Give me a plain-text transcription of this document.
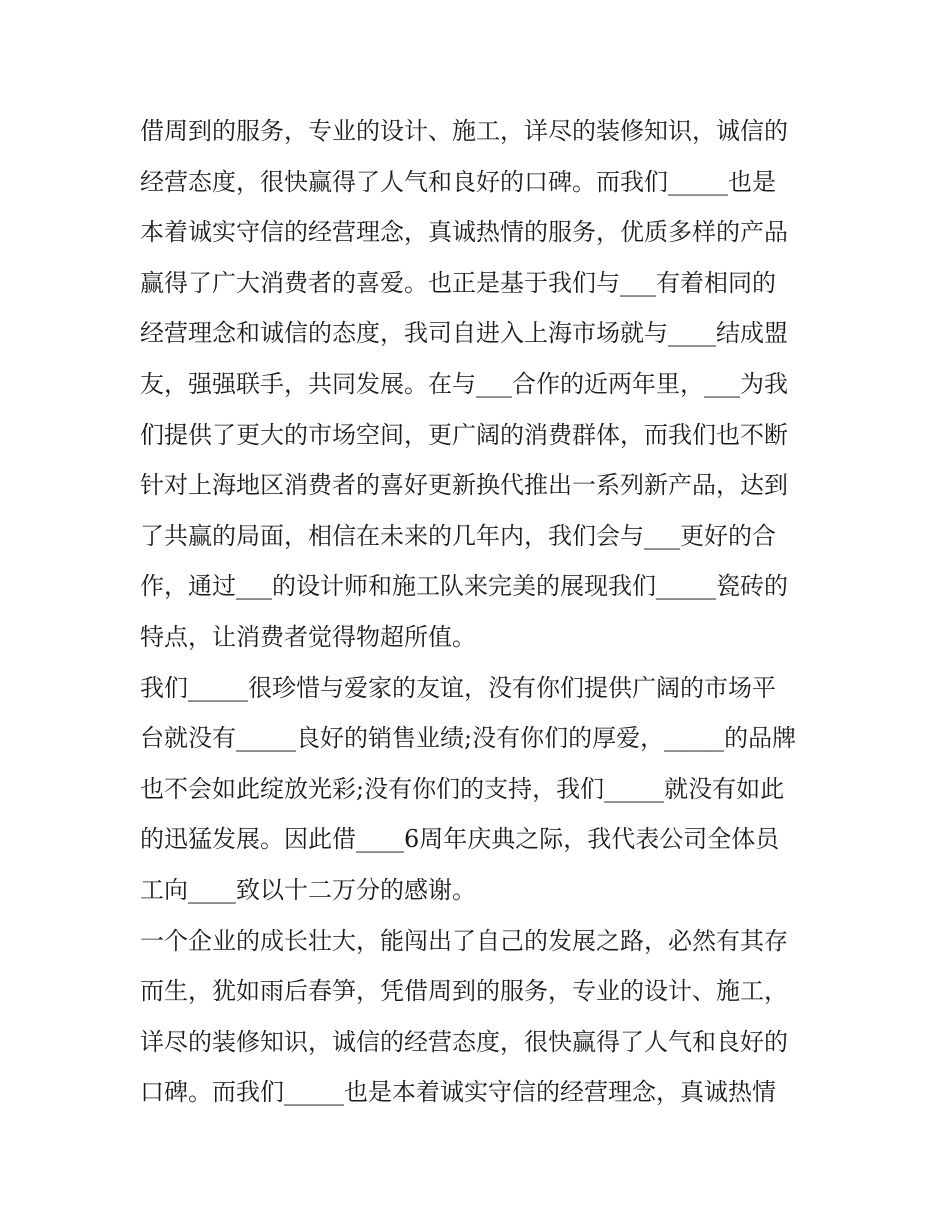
借周到的服务，专业的设计、施工，详尽的装修知识，诚信的
经营态度，很快赢得了人气和良好的口碑。而我们_____也是
本着诚实守信的经营理念，真诚热情的服务，优质多样的产品
赢得了广大消费者的喜爱。也正是基于我们与___有着相同的
经营理念和诚信的态度，我司自进入上海市场就与____结成盟
友，强强联手，共同发展。在与___合作的近两年里，___为我
们提供了更大的市场空间，更广阔的消费群体，而我们也不断
针对上海地区消费者的喜好更新换代推出一系列新产品，达到
了共赢的局面，相信在未来的几年内，我们会与___更好的合
作，通过___的设计师和施工队来完美的展现我们_____瓷砖的
特点，让消费者觉得物超所值。
我们_____很珍惜与爱家的友谊，没有你们提供广阔的市场平
台就没有_____良好的销售业绩;没有你们的厚爱，_____的品牌
也不会如此绽放光彩;没有你们的支持，我们_____就没有如此
的迅猛发展。因此借____6周年庆典之际，我代表公司全体员
工向____致以十二万分的感谢。
一个企业的成长壮大，能闯出了自己的发展之路，必然有其存
而生，犹如雨后春笋，凭借周到的服务，专业的设计、施工，
详尽的装修知识，诚信的经营态度，很快赢得了人气和良好的
口碑。而我们_____也是本着诚实守信的经营理念，真诚热情
